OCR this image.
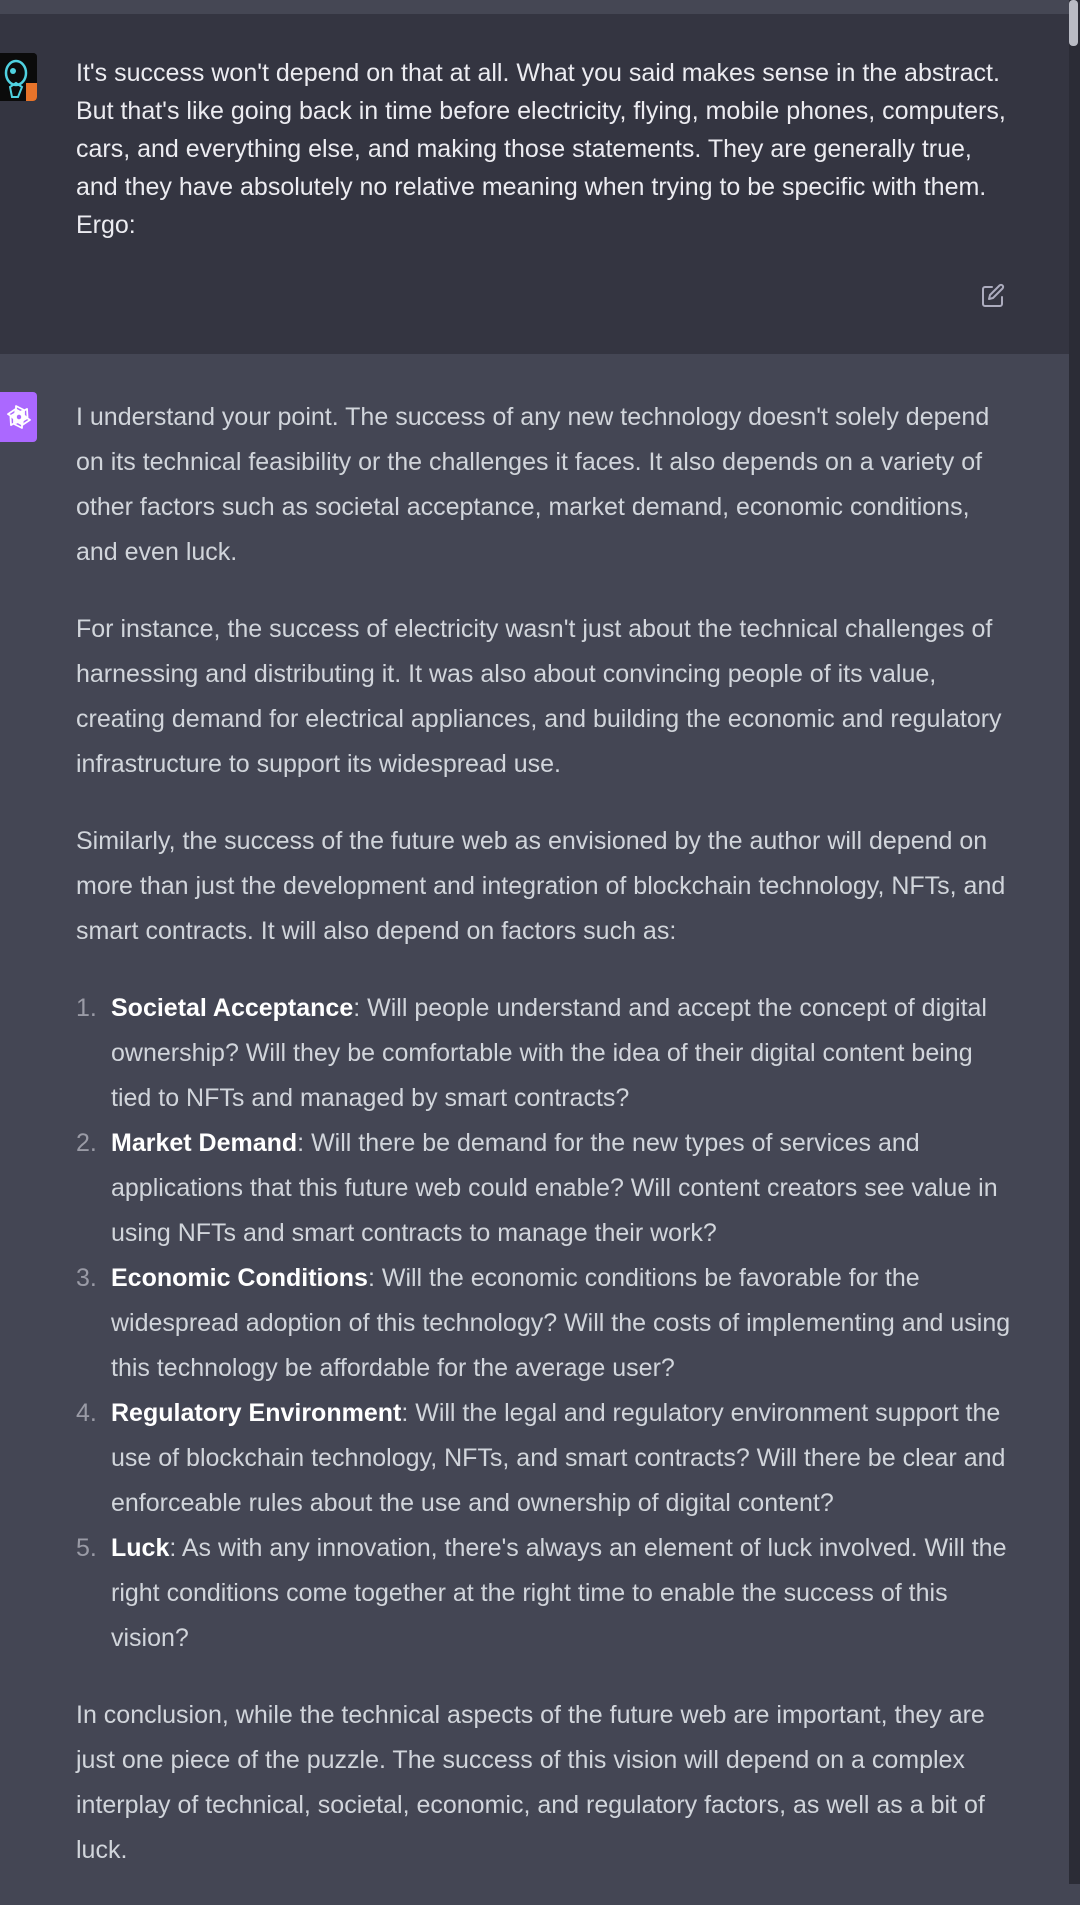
It's success won't depend on that at all. What you said makes sense in the abstract. But that's like going back in time before electricity, flying, mobile phones, computers, cars, and everything else, and making those statements. They are generally true, and they have absolutely no relative meaning when trying to be specific with them. Ergo:

I understand your point. The success of any new technology doesn't solely depend on its technical feasibility or the challenges it faces. It also depends on a variety of other factors such as societal acceptance, market demand, economic conditions, and even luck.

For instance, the success of electricity wasn't just about the technical challenges of harnessing and distributing it. It was also about convincing people of its value, creating demand for electrical appliances, and building the economic and regulatory infrastructure to support its widespread use.

Similarly, the success of the future web as envisioned by the author will depend on more than just the development and integration of blockchain technology, NFTs, and smart contracts. It will also depend on factors such as:

1. Societal Acceptance: Will people understand and accept the concept of digital ownership? Will they be comfortable with the idea of their digital content being tied to NFTs and managed by smart contracts?
2. Market Demand: Will there be demand for the new types of services and applications that this future web could enable? Will content creators see value in using NFTs and smart contracts to manage their work?
3. Economic Conditions: Will the economic conditions be favorable for the widespread adoption of this technology? Will the costs of implementing and using this technology be affordable for the average user?
4. Regulatory Environment: Will the legal and regulatory environment support the use of blockchain technology, NFTs, and smart contracts? Will there be clear and enforceable rules about the use and ownership of digital content?
5. Luck: As with any innovation, there's always an element of luck involved. Will the right conditions come together at the right time to enable the success of this vision?

In conclusion, while the technical aspects of the future web are important, they are just one piece of the puzzle. The success of this vision will depend on a complex interplay of technical, societal, economic, and regulatory factors, as well as a bit of luck.
